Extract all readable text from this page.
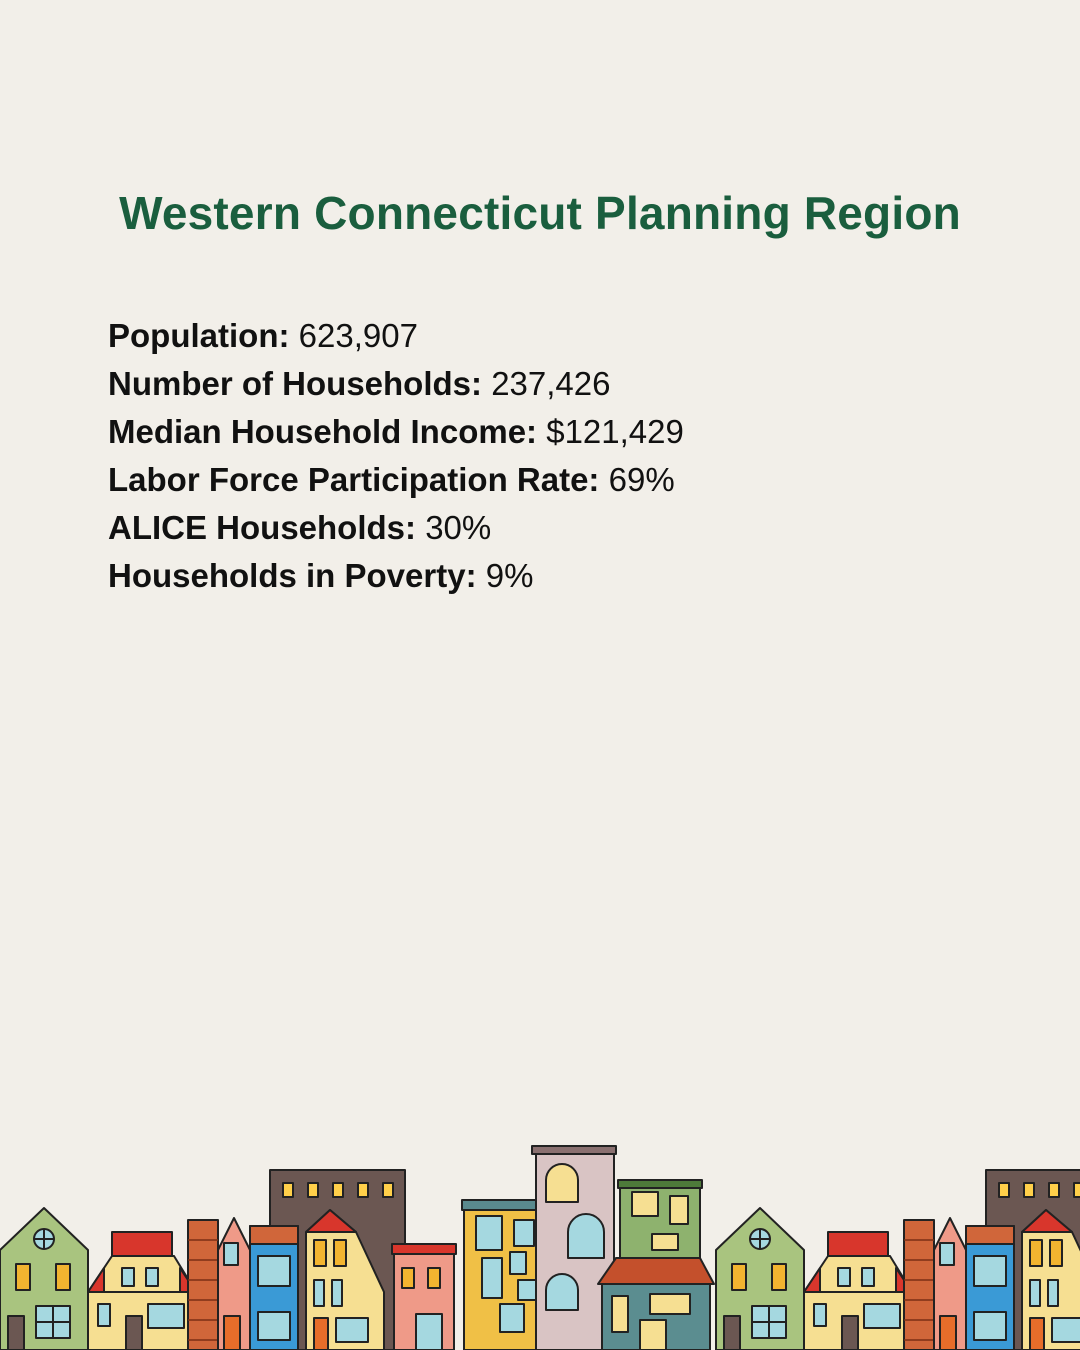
Western Connecticut Planning Region
Population: 623,907
Number of Households: 237,426
Median Household Income: $121,429
Labor Force Participation Rate: 69%
ALICE Households: 30%
Households in Poverty: 9%
